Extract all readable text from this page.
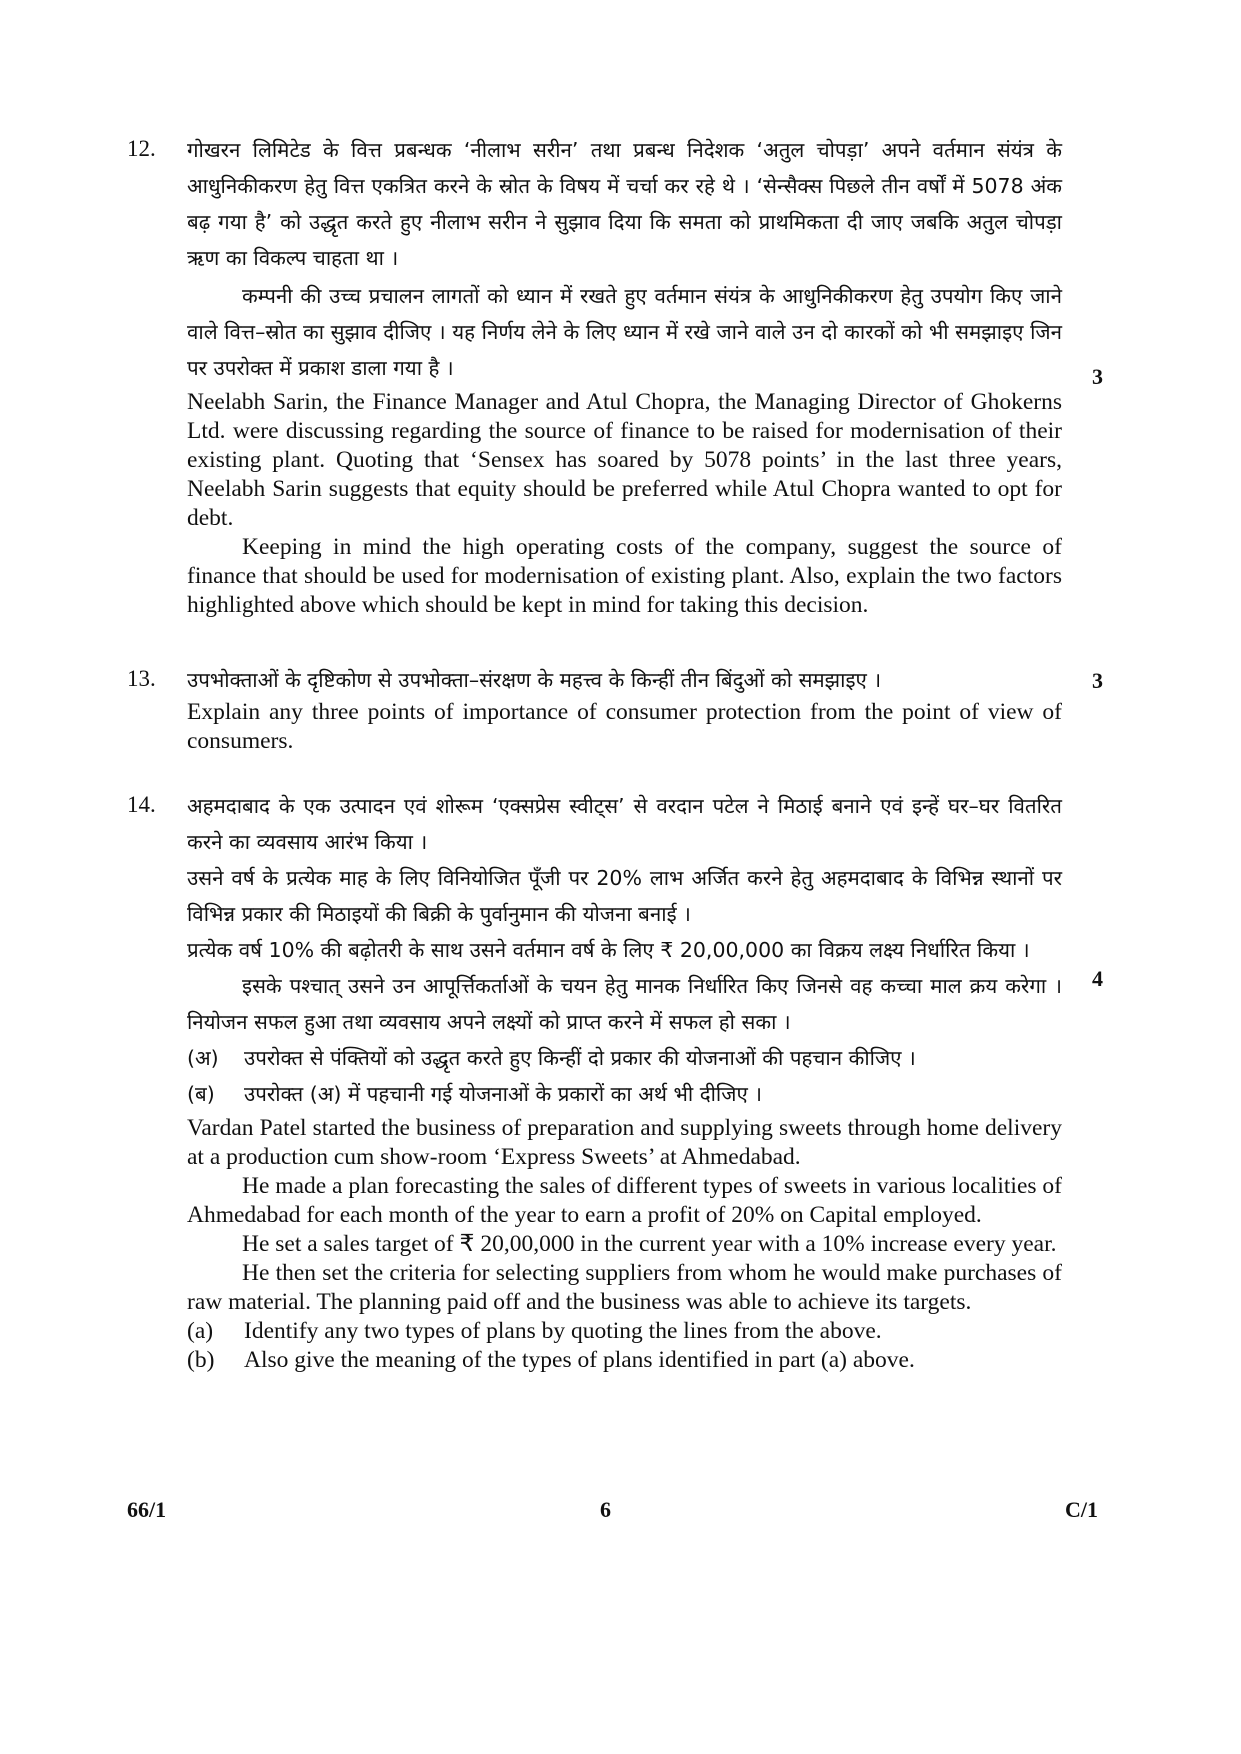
12.	गोखरन लिमिटेड के वित्त प्रबन्धक ‘नीलाभ सरीन’ तथा प्रबन्ध निदेशक ‘अतुल चोपड़ा’ अपने वर्तमान संयंत्र के आधुनिकीकरण हेतु वित्त एकत्रित करने के स्रोत के विषय में चर्चा कर रहे थे । ‘सेन्सैक्स पिछले तीन वर्षों में 5078 अंक बढ़ गया है’ को उद्धृत करते हुए नीलाभ सरीन ने सुझाव दिया कि समता को प्राथमिकता दी जाए जबकि अतुल चोपड़ा ऋण का विकल्प चाहता था ।

कम्पनी की उच्च प्रचालन लागतों को ध्यान में रखते हुए वर्तमान संयंत्र के आधुनिकीकरण हेतु उपयोग किए जाने वाले वित्त–स्रोत का सुझाव दीजिए । यह निर्णय लेने के लिए ध्यान में रखे जाने वाले उन दो कारकों को भी समझाइए जिन पर उपरोक्त में प्रकाश डाला गया है ।

Neelabh Sarin, the Finance Manager and Atul Chopra, the Managing Director of Ghokerns Ltd. were discussing regarding the source of finance to be raised for modernisation of their existing plant. Quoting that ‘Sensex has soared by 5078 points’ in the last three years, Neelabh Sarin suggests that equity should be preferred while Atul Chopra wanted to opt for debt.

Keeping in mind the high operating costs of the company, suggest the source of finance that should be used for modernisation of existing plant. Also, explain the two factors highlighted above which should be kept in mind for taking this decision.

3
13.	उपभोक्ताओं के दृष्टिकोण से उपभोक्ता–संरक्षण के महत्त्व के किन्हीं तीन बिंदुओं को समझाइए ।

Explain any three points of importance of consumer protection from the point of view of consumers.

3
14.	अहमदाबाद के एक उत्पादन एवं शोरूम ‘एक्सप्रेस स्वीट्स’ से वरदान पटेल ने मिठाई बनाने एवं इन्हें घर–घर वितरित करने का व्यवसाय आरंभ किया ।

उसने वर्ष के प्रत्येक माह के लिए विनियोजित पूँजी पर 20% लाभ अर्जित करने हेतु अहमदाबाद के विभिन्न स्थानों पर विभिन्न प्रकार की मिठाइयों की बिक्री के पुर्वानुमान की योजना बनाई ।

प्रत्येक वर्ष 10% की बढ़ोतरी के साथ उसने वर्तमान वर्ष के लिए ₹ 20,00,000 का विक्रय लक्ष्य निर्धारित किया ।

इसके पश्चात् उसने उन आपूर्त्तिकर्ताओं के चयन हेतु मानक निर्धारित किए जिनसे वह कच्चा माल क्रय करेगा । नियोजन सफल हुआ तथा व्यवसाय अपने लक्ष्यों को प्राप्त करने में सफल हो सका ।

(अ)	उपरोक्त से पंक्तियों को उद्धृत करते हुए किन्हीं दो प्रकार की योजनाओं की पहचान कीजिए ।
(ब)	उपरोक्त (अ) में पहचानी गई योजनाओं के प्रकारों का अर्थ भी दीजिए ।

Vardan Patel started the business of preparation and supplying sweets through home delivery at a production cum show-room ‘Express Sweets’ at Ahmedabad.

He made a plan forecasting the sales of different types of sweets in various localities of Ahmedabad for each month of the year to earn a profit of 20% on Capital employed.

He set a sales target of ₹ 20,00,000 in the current year with a 10% increase every year.

He then set the criteria for selecting suppliers from whom he would make purchases of raw material. The planning paid off and the business was able to achieve its targets.

(a)	Identify any two types of plans by quoting the lines from the above.
(b)	Also give the meaning of the types of plans identified in part (a) above.
4
66/1	6	C/1
